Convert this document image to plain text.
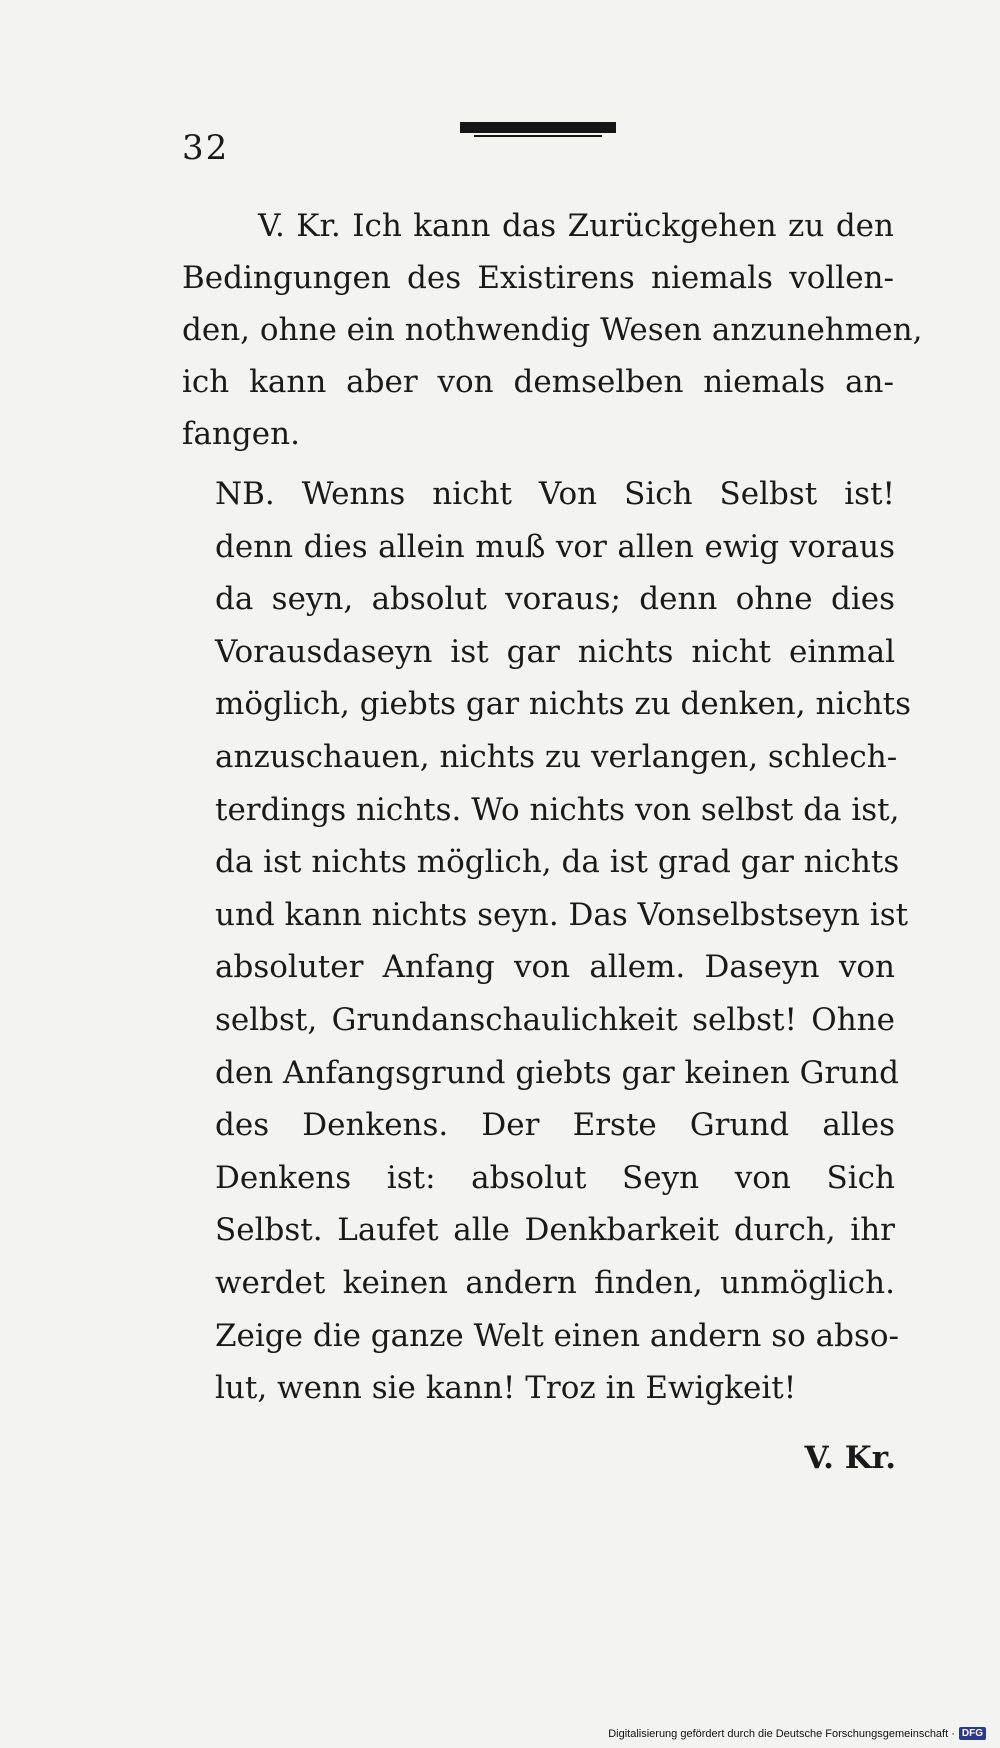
32
V. Kr. Ich kann das Zurückgehen zu den
Bedingungen des Existirens niemals vollen-
den, ohne ein nothwendig Wesen anzunehmen,
ich kann aber von demselben niemals an-
fangen.
NB. Wenns nicht Von Sich Selbst ist!
denn dies allein muß vor allen ewig voraus
da seyn, absolut voraus; denn ohne dies
Vorausdaseyn ist gar nichts nicht einmal
möglich, giebts gar nichts zu denken, nichts
anzuschauen, nichts zu verlangen, schlech-
terdings nichts. Wo nichts von selbst da ist,
da ist nichts möglich, da ist grad gar nichts
und kann nichts seyn. Das Vonselbstseyn ist
absoluter Anfang von allem. Daseyn von
selbst, Grundanschaulichkeit selbst! Ohne
den Anfangsgrund giebts gar keinen Grund
des Denkens. Der Erste Grund alles
Denkens ist: absolut Seyn von Sich
Selbst. Laufet alle Denkbarkeit durch, ihr
werdet keinen andern finden, unmöglich.
Zeige die ganze Welt einen andern so abso-
lut, wenn sie kann! Troz in Ewigkeit!
V. Kr.
Digitalisierung gefördert durch die Deutsche Forschungsgemeinschaft · DFG
